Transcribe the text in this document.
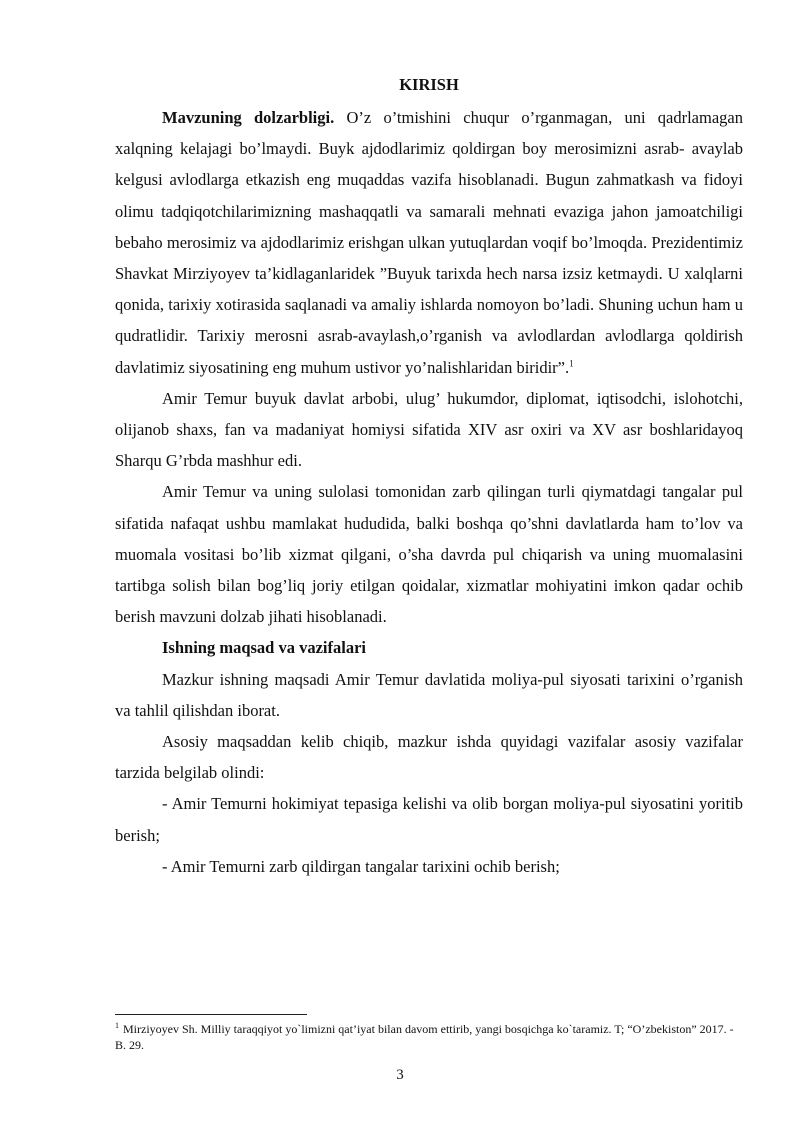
KIRISH

Mavzuning dolzarbligi. O’z o’tmishini chuqur o’rganmagan, uni qadrlamagan xalqning kelajagi bo’lmaydi. Buyk ajdodlarimiz qoldirgan boy merosimizni asrab- avaylab kelgusi avlodlarga etkazish eng muqaddas vazifa hisoblanadi. Bugun zahmatkash va fidoyi olimu tadqiqotchilarimizning mashaqqatli va samarali mehnati evaziga jahon jamoatchiligi bebaho merosimiz va ajdodlarimiz erishgan ulkan yutuqlardan voqif bo’lmoqda. Prezidentimiz Shavkat Mirziyoyev ta’kidlaganlaridek ”Buyuk tarixda hech narsa izsiz ketmaydi. U xalqlarni qonida, tarixiy xotirasida saqlanadi va amaliy ishlarda nomoyon bo’ladi. Shuning uchun ham u qudratlidir. Tarixiy merosni asrab-avaylash,o’rganish va avlodlardan avlodlarga qoldirish davlatimiz siyosatining eng muhum ustivor yo’nalishlaridan biridir”.$^1$

Amir Temur buyuk davlat arbobi, ulug’ hukumdor, diplomat, iqtisodchi, islohotchi, olijanob shaxs, fan va madaniyat homiysi sifatida XIV asr oxiri va XV asr boshlaridayoq Sharqu G’rbda mashhur edi.

Amir Temur va uning sulolasi tomonidan zarb qilingan turli qiymatdagi tangalar pul sifatida nafaqat ushbu mamlakat hududida, balki boshqa qo’shni davlatlarda ham to’lov va muomala vositasi bo’lib xizmat qilgani, o’sha davrda pul chiqarish va uning muomalasini tartibga solish bilan bog’liq joriy etilgan qoidalar, xizmatlar mohiyatini imkon qadar ochib berish mavzuni dolzab jihati hisoblanadi.

Ishning maqsad va vazifalari

Mazkur ishning maqsadi Amir Temur davlatida moliya-pul siyosati tarixini o’rganish va tahlil qilishdan iborat.

Asosiy maqsaddan kelib chiqib, mazkur ishda quyidagi vazifalar asosiy vazifalar tarzida belgilab olindi:

- Amir Temurni hokimiyat tepasiga kelishi va olib borgan moliya-pul siyosatini yoritib berish;

- Amir Temurni zarb qildirgan tangalar tarixini ochib berish;

$^1$ Mirziyoyev Sh. Milliy taraqqiyot yo`limizni qat’iyat bilan davom ettirib, yangi bosqichga ko`taramiz. T; “O’zbekiston” 2017. -B. 29.
3
